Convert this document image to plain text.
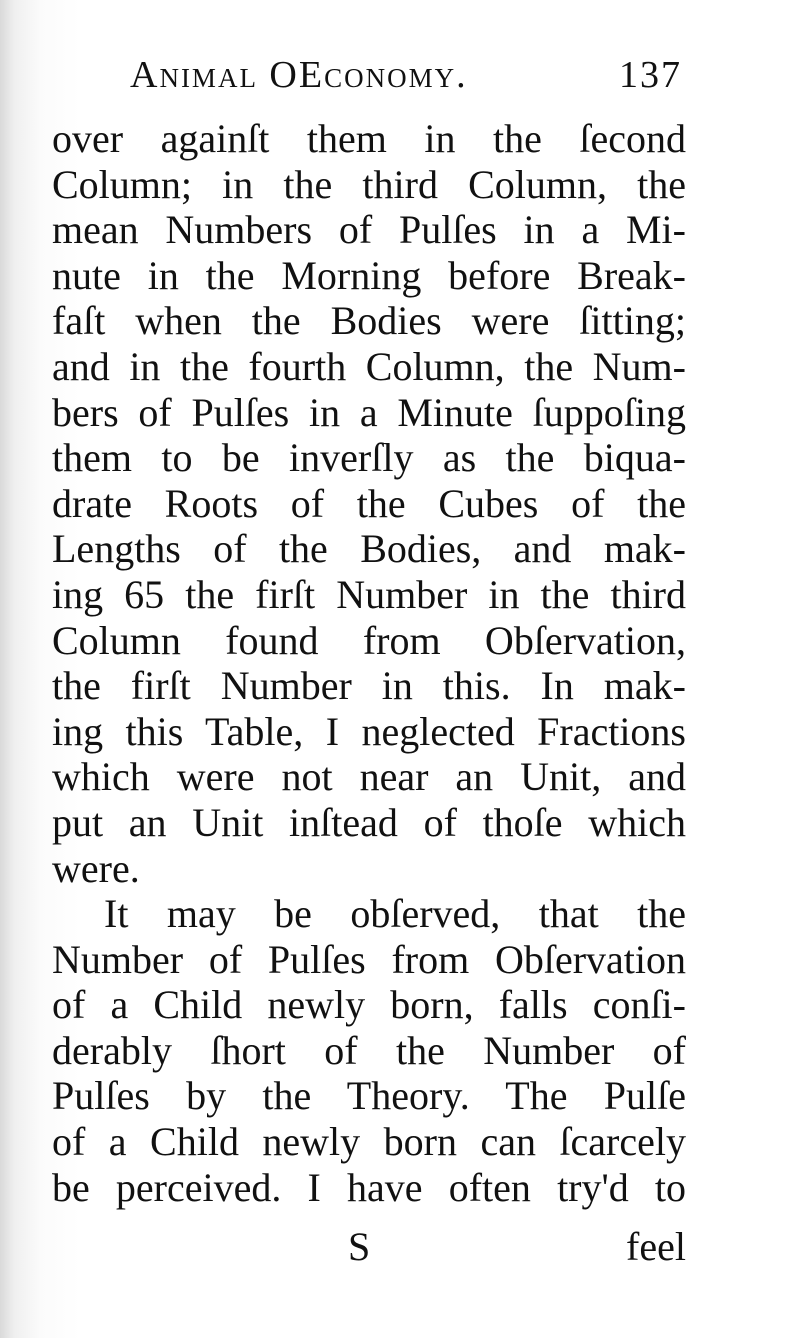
Animal OEconomy.	137
over againſt them in the ſecond
Column; in the third Column, the
mean Numbers of Pulſes in a Mi-
nute in the Morning before Break-
faſt when the Bodies were ſitting;
and in the fourth Column, the Num-
bers of Pulſes in a Minute ſuppoſing
them to be inverſly as the biqua-
drate Roots of the Cubes of the
Lengths of the Bodies, and mak-
ing 65 the firſt Number in the third
Column found from Obſervation,
the firſt Number in this. In mak-
ing this Table, I neglected Fractions
which were not near an Unit, and
put an Unit inſtead of thoſe which
were.
It may be obſerved, that the
Number of Pulſes from Obſervation
of a Child newly born, falls conſi-
derably ſhort of the Number of
Pulſes by the Theory. The Pulſe
of a Child newly born can ſcarcely
be perceived. I have often try'd to
S	feel
